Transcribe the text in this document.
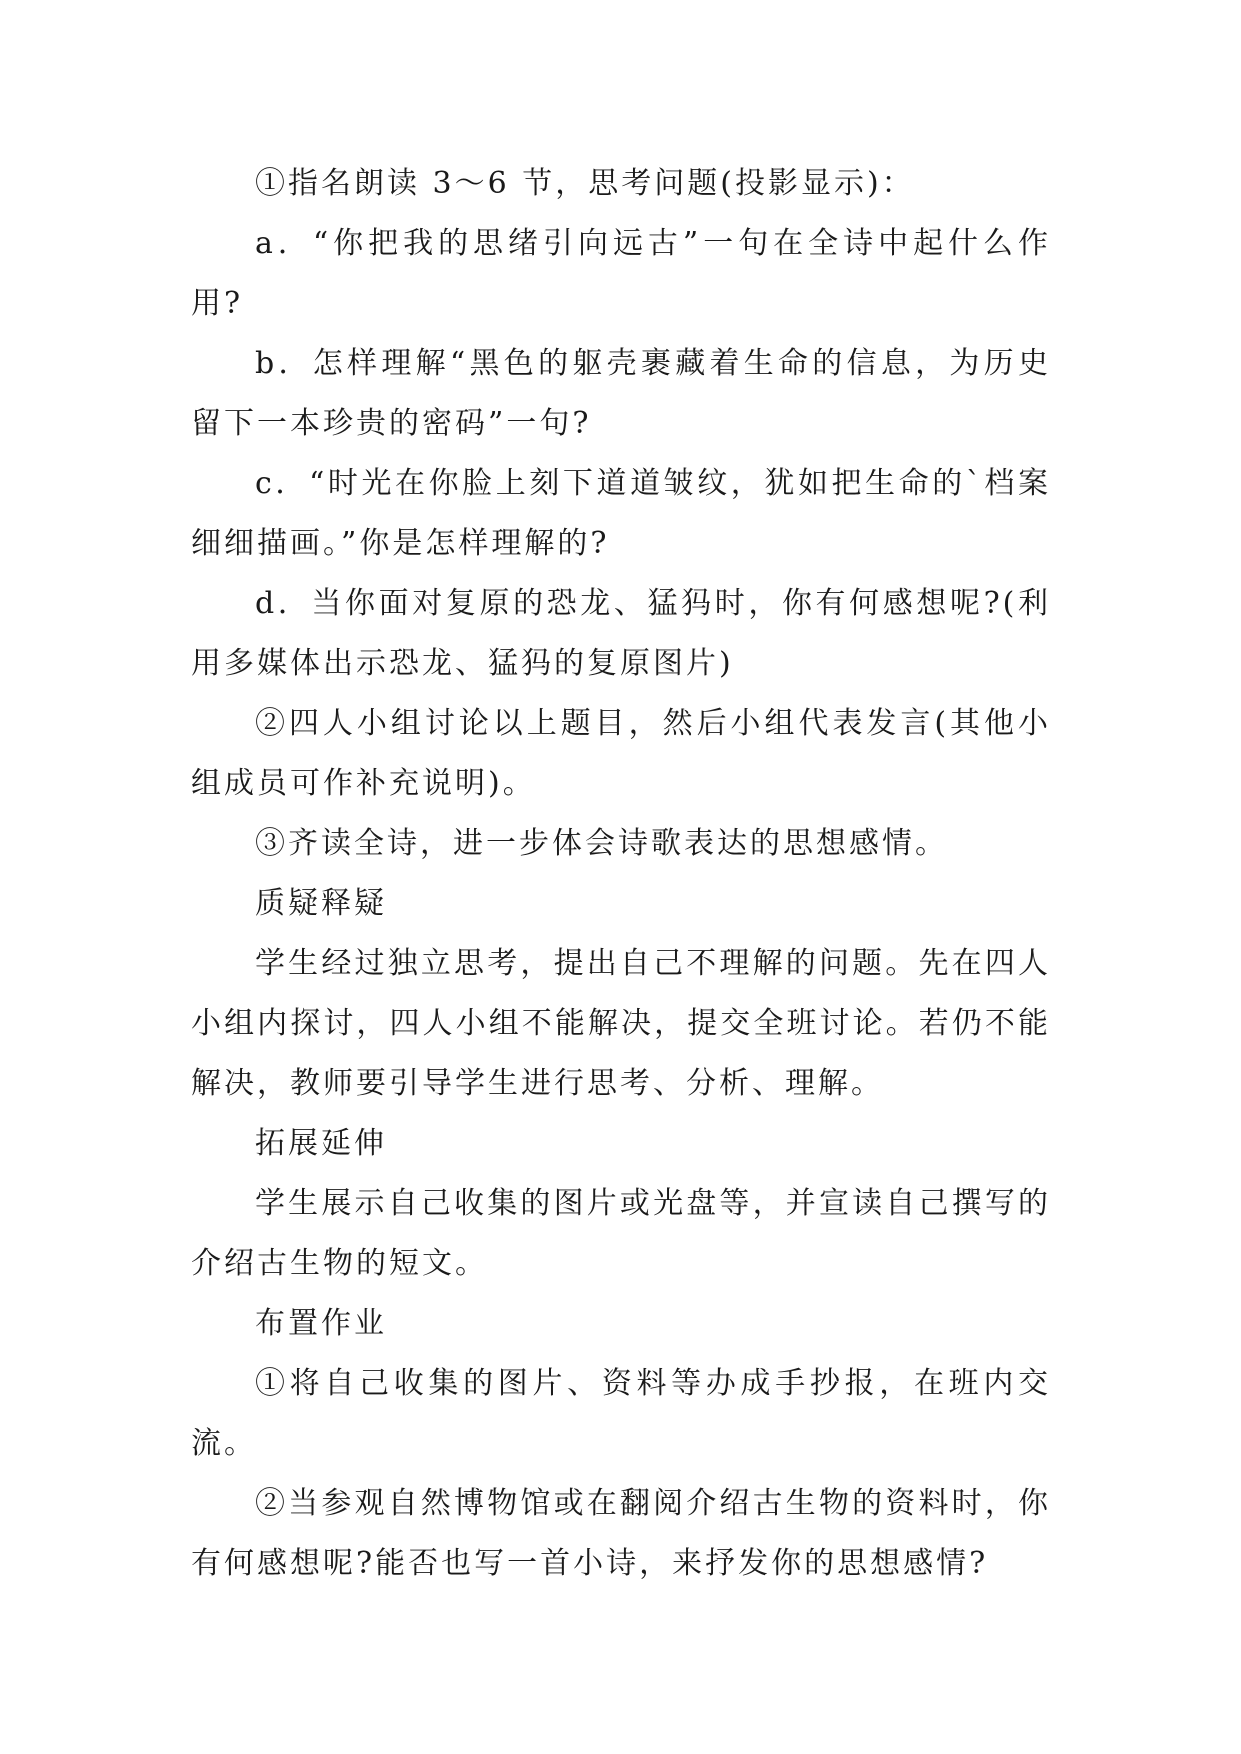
①指名朗读 3～6 节，思考问题(投影显示)：

a．“你把我的思绪引向远古”一句在全诗中起什么作用?

b．怎样理解“黑色的躯壳裹藏着生命的信息，为历史留下一本珍贵的密码”一句?

c．“时光在你脸上刻下道道皱纹，犹如把生命的`档案细细描画。”你是怎样理解的?

d．当你面对复原的恐龙、猛犸时，你有何感想呢?(利用多媒体出示恐龙、猛犸的复原图片)

②四人小组讨论以上题目，然后小组代表发言(其他小组成员可作补充说明)。

③齐读全诗，进一步体会诗歌表达的思想感情。

质疑释疑

学生经过独立思考，提出自己不理解的问题。先在四人小组内探讨，四人小组不能解决，提交全班讨论。若仍不能解决，教师要引导学生进行思考、分析、理解。

拓展延伸

学生展示自己收集的图片或光盘等，并宣读自己撰写的介绍古生物的短文。

布置作业

①将自己收集的图片、资料等办成手抄报，在班内交流。

②当参观自然博物馆或在翻阅介绍古生物的资料时，你有何感想呢?能否也写一首小诗，来抒发你的思想感情?
